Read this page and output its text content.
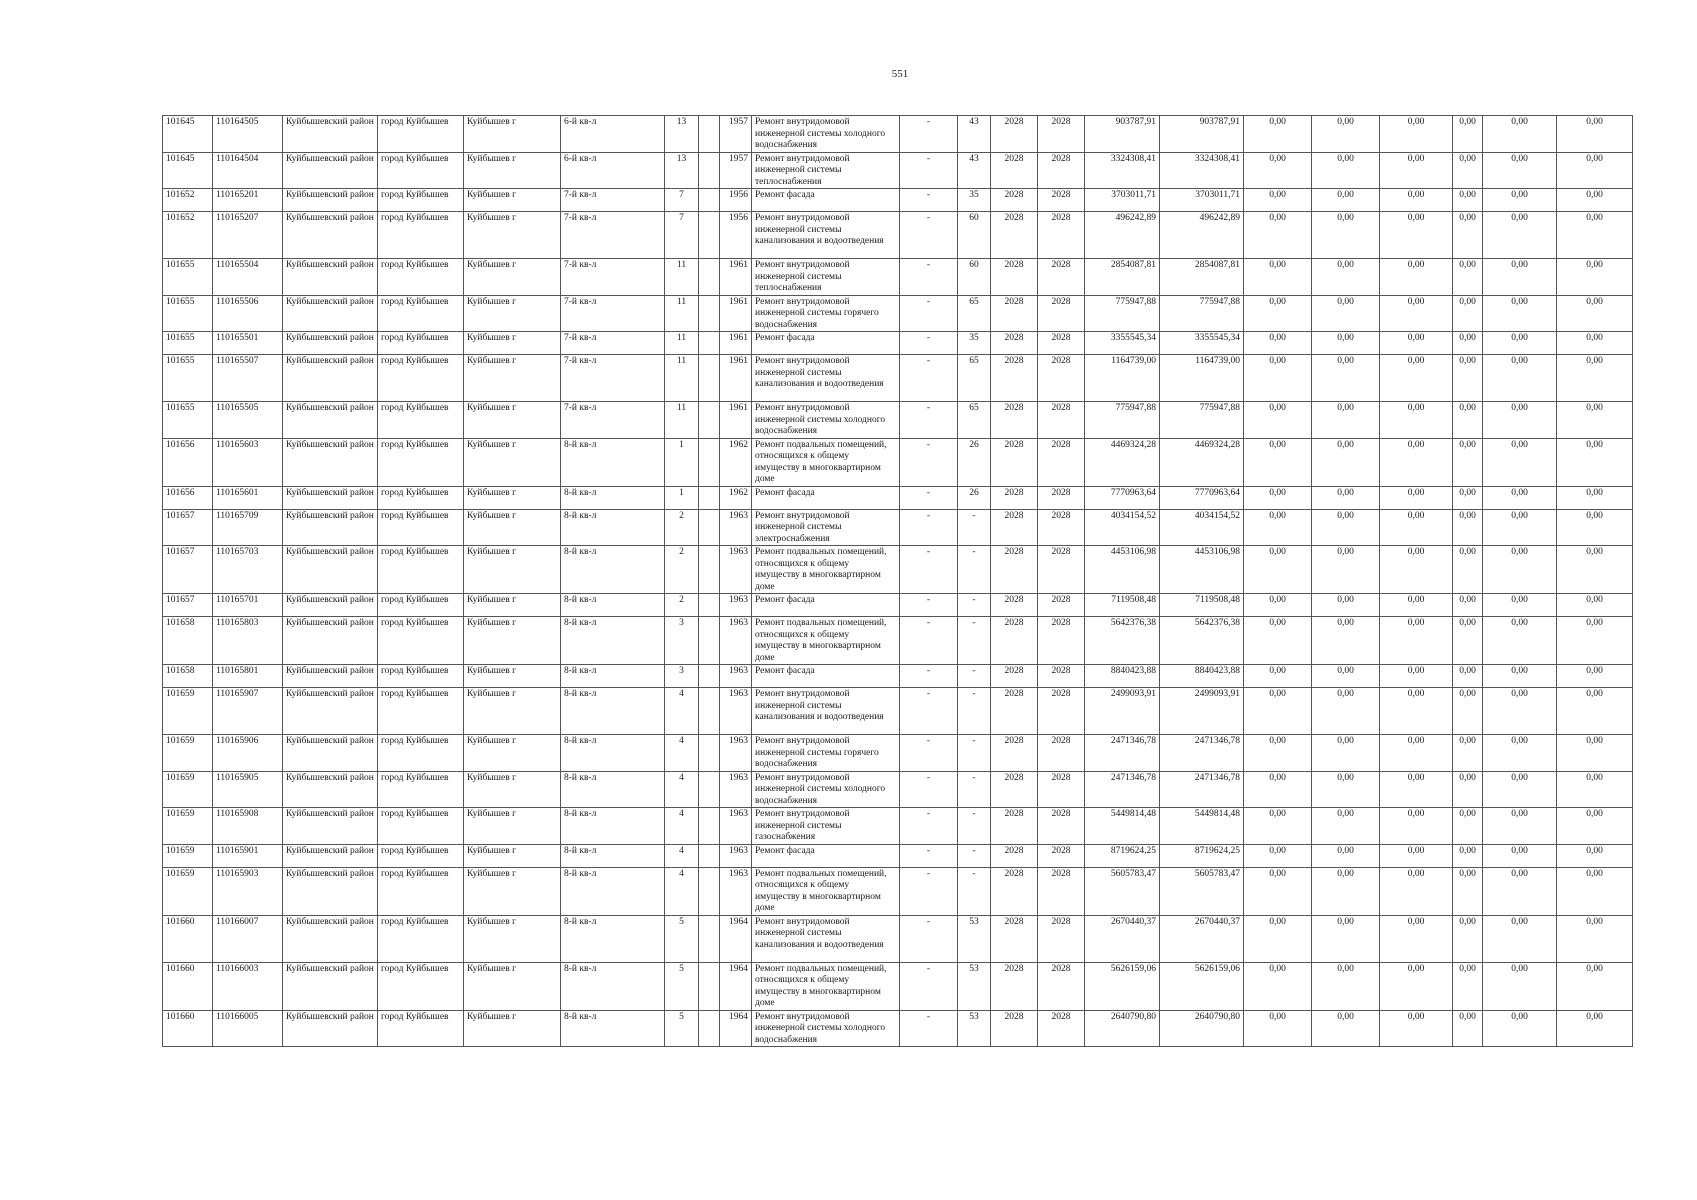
551
101645	110164505	Куйбышевский район	город Куйбышев	Куйбышев г	6-й кв-л	13		1957	Ремонт внутридомовой инженерной системы холодного водоснабжения	-	43	2028	2028	903787,91	903787,91	0,00	0,00	0,00	0,00	0,00	0,00
101645	110164504	Куйбышевский район	город Куйбышев	Куйбышев г	6-й кв-л	13		1957	Ремонт внутридомовой инженерной системы теплоснабжения	-	43	2028	2028	3324308,41	3324308,41	0,00	0,00	0,00	0,00	0,00	0,00
101652	110165201	Куйбышевский район	город Куйбышев	Куйбышев г	7-й кв-л	7		1956	Ремонт фасада	-	35	2028	2028	3703011,71	3703011,71	0,00	0,00	0,00	0,00	0,00	0,00
101652	110165207	Куйбышевский район	город Куйбышев	Куйбышев г	7-й кв-л	7		1956	Ремонт внутридомовой инженерной системы канализования и водоотведения	-	60	2028	2028	496242,89	496242,89	0,00	0,00	0,00	0,00	0,00	0,00
101655	110165504	Куйбышевский район	город Куйбышев	Куйбышев г	7-й кв-л	11		1961	Ремонт внутридомовой инженерной системы теплоснабжения	-	60	2028	2028	2854087,81	2854087,81	0,00	0,00	0,00	0,00	0,00	0,00
101655	110165506	Куйбышевский район	город Куйбышев	Куйбышев г	7-й кв-л	11		1961	Ремонт внутридомовой инженерной системы горячего водоснабжения	-	65	2028	2028	775947,88	775947,88	0,00	0,00	0,00	0,00	0,00	0,00
101655	110165501	Куйбышевский район	город Куйбышев	Куйбышев г	7-й кв-л	11		1961	Ремонт фасада	-	35	2028	2028	3355545,34	3355545,34	0,00	0,00	0,00	0,00	0,00	0,00
101655	110165507	Куйбышевский район	город Куйбышев	Куйбышев г	7-й кв-л	11		1961	Ремонт внутридомовой инженерной системы канализования и водоотведения	-	65	2028	2028	1164739,00	1164739,00	0,00	0,00	0,00	0,00	0,00	0,00
101655	110165505	Куйбышевский район	город Куйбышев	Куйбышев г	7-й кв-л	11		1961	Ремонт внутридомовой инженерной системы холодного водоснабжения	-	65	2028	2028	775947,88	775947,88	0,00	0,00	0,00	0,00	0,00	0,00
101656	110165603	Куйбышевский район	город Куйбышев	Куйбышев г	8-й кв-л	1		1962	Ремонт подвальных помещений, относящихся к общему имуществу в многоквартирном доме	-	26	2028	2028	4469324,28	4469324,28	0,00	0,00	0,00	0,00	0,00	0,00
101656	110165601	Куйбышевский район	город Куйбышев	Куйбышев г	8-й кв-л	1		1962	Ремонт фасада	-	26	2028	2028	7770963,64	7770963,64	0,00	0,00	0,00	0,00	0,00	0,00
101657	110165709	Куйбышевский район	город Куйбышев	Куйбышев г	8-й кв-л	2		1963	Ремонт внутридомовой инженерной системы электроснабжения	-	-	2028	2028	4034154,52	4034154,52	0,00	0,00	0,00	0,00	0,00	0,00
101657	110165703	Куйбышевский район	город Куйбышев	Куйбышев г	8-й кв-л	2		1963	Ремонт подвальных помещений, относящихся к общему имуществу в многоквартирном доме	-	-	2028	2028	4453106,98	4453106,98	0,00	0,00	0,00	0,00	0,00	0,00
101657	110165701	Куйбышевский район	город Куйбышев	Куйбышев г	8-й кв-л	2		1963	Ремонт фасада	-	-	2028	2028	7119508,48	7119508,48	0,00	0,00	0,00	0,00	0,00	0,00
101658	110165803	Куйбышевский район	город Куйбышев	Куйбышев г	8-й кв-л	3		1963	Ремонт подвальных помещений, относящихся к общему имуществу в многоквартирном доме	-	-	2028	2028	5642376,38	5642376,38	0,00	0,00	0,00	0,00	0,00	0,00
101658	110165801	Куйбышевский район	город Куйбышев	Куйбышев г	8-й кв-л	3		1963	Ремонт фасада	-	-	2028	2028	8840423,88	8840423,88	0,00	0,00	0,00	0,00	0,00	0,00
101659	110165907	Куйбышевский район	город Куйбышев	Куйбышев г	8-й кв-л	4		1963	Ремонт внутридомовой инженерной системы канализования и водоотведения	-	-	2028	2028	2499093,91	2499093,91	0,00	0,00	0,00	0,00	0,00	0,00
101659	110165906	Куйбышевский район	город Куйбышев	Куйбышев г	8-й кв-л	4		1963	Ремонт внутридомовой инженерной системы горячего водоснабжения	-	-	2028	2028	2471346,78	2471346,78	0,00	0,00	0,00	0,00	0,00	0,00
101659	110165905	Куйбышевский район	город Куйбышев	Куйбышев г	8-й кв-л	4		1963	Ремонт внутридомовой инженерной системы холодного водоснабжения	-	-	2028	2028	2471346,78	2471346,78	0,00	0,00	0,00	0,00	0,00	0,00
101659	110165908	Куйбышевский район	город Куйбышев	Куйбышев г	8-й кв-л	4		1963	Ремонт внутридомовой инженерной системы газоснабжения	-	-	2028	2028	5449814,48	5449814,48	0,00	0,00	0,00	0,00	0,00	0,00
101659	110165901	Куйбышевский район	город Куйбышев	Куйбышев г	8-й кв-л	4		1963	Ремонт фасада	-	-	2028	2028	8719624,25	8719624,25	0,00	0,00	0,00	0,00	0,00	0,00
101659	110165903	Куйбышевский район	город Куйбышев	Куйбышев г	8-й кв-л	4		1963	Ремонт подвальных помещений, относящихся к общему имуществу в многоквартирном доме	-	-	2028	2028	5605783,47	5605783,47	0,00	0,00	0,00	0,00	0,00	0,00
101660	110166007	Куйбышевский район	город Куйбышев	Куйбышев г	8-й кв-л	5		1964	Ремонт внутридомовой инженерной системы канализования и водоотведения	-	53	2028	2028	2670440,37	2670440,37	0,00	0,00	0,00	0,00	0,00	0,00
101660	110166003	Куйбышевский район	город Куйбышев	Куйбышев г	8-й кв-л	5		1964	Ремонт подвальных помещений, относящихся к общему имуществу в многоквартирном доме	-	53	2028	2028	5626159,06	5626159,06	0,00	0,00	0,00	0,00	0,00	0,00
101660	110166005	Куйбышевский район	город Куйбышев	Куйбышев г	8-й кв-л	5		1964	Ремонт внутридомовой инженерной системы холодного водоснабжения	-	53	2028	2028	2640790,80	2640790,80	0,00	0,00	0,00	0,00	0,00	0,00
